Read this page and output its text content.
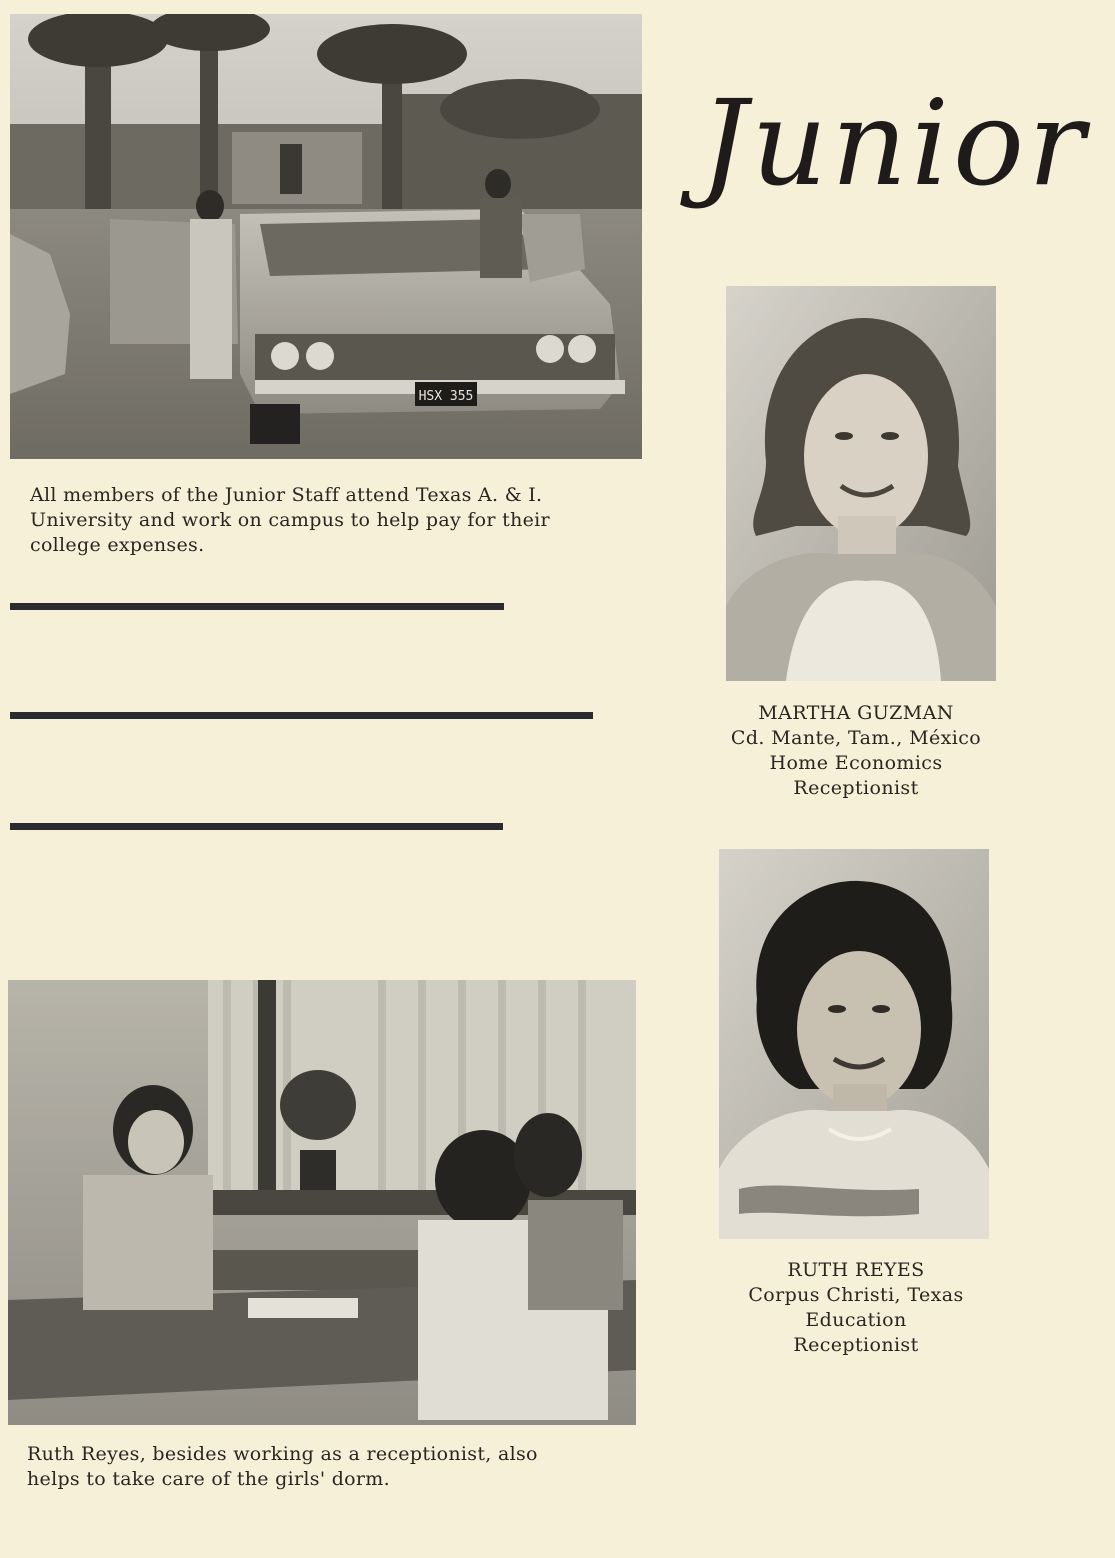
HSX 355

All members of the Junior Staff attend Texas A. & I.

University and work on campus to help pay for their

college expenses.

Ruth Reyes, besides working as a receptionist, also

helps to take care of the girls' dorm.

Junior
MARTHA GUZMAN
Cd. Mante, Tam., México
Home Economics
Receptionist
RUTH REYES
Corpus Christi, Texas
Education
Receptionist
